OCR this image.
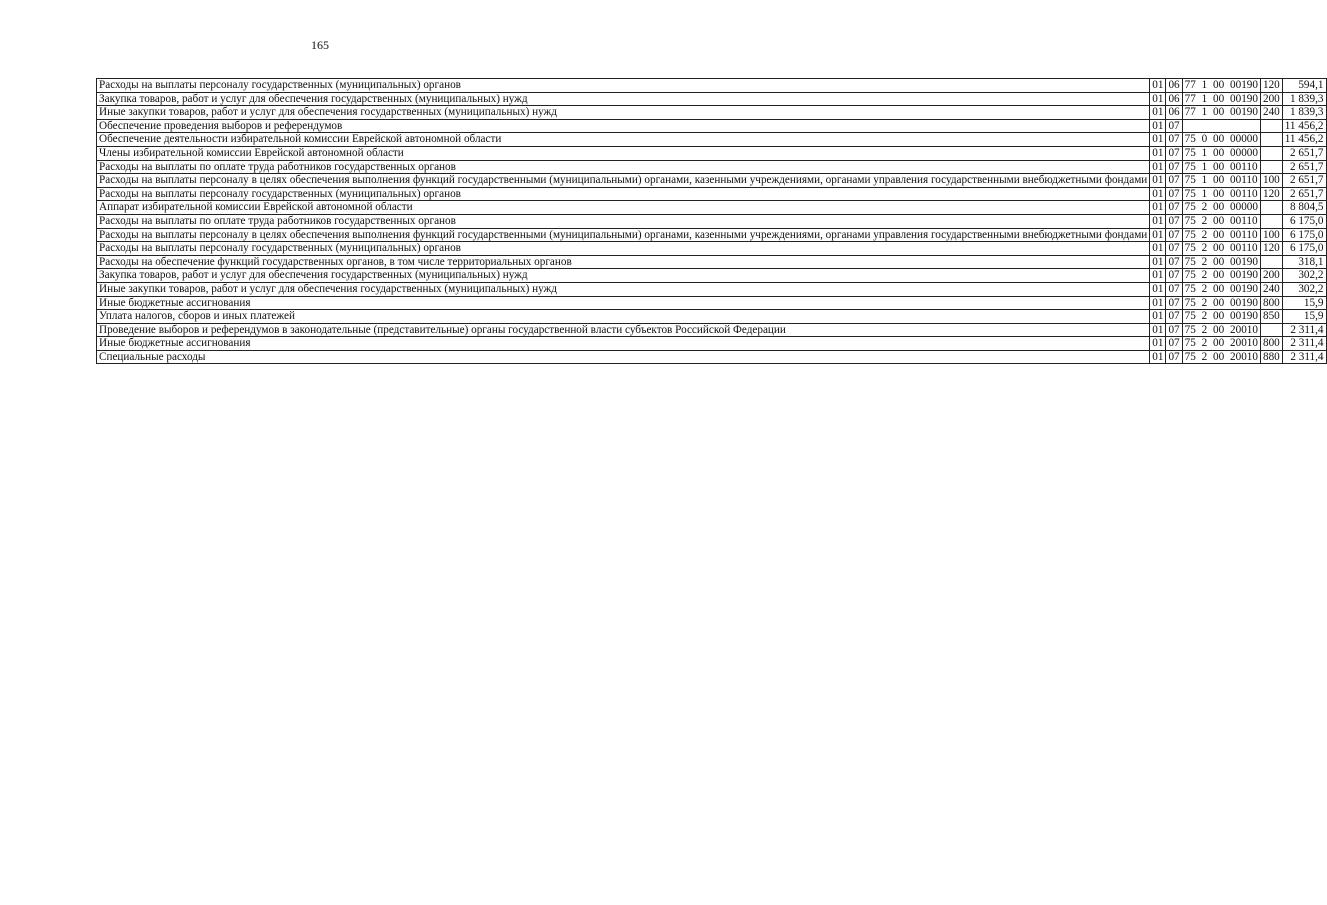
165
Расходы на выплаты персоналу государственных (муниципальных) органов	01	06	77 1 00 00190	120	594,1
Закупка товаров, работ и услуг для обеспечения государственных (муниципальных) нужд	01	06	77 1 00 00190	200	1 839,3
Иные закупки товаров, работ и услуг для обеспечения государственных (муниципальных) нужд	01	06	77 1 00 00190	240	1 839,3
Обеспечение проведения выборов и референдумов	01	07			11 456,2
Обеспечение деятельности избирательной комиссии Еврейской автономной области	01	07	75 0 00 00000		11 456,2
Члены избирательной комиссии Еврейской автономной области	01	07	75 1 00 00000		2 651,7
Расходы на выплаты по оплате труда работников государственных органов	01	07	75 1 00 00110		2 651,7
Расходы на выплаты персоналу в целях обеспечения выполнения функций государственными (муниципальными) органами, казенными учреждениями, органами управления государственными внебюджетными фондами	01	07	75 1 00 00110	100	2 651,7
Расходы на выплаты персоналу государственных (муниципальных) органов	01	07	75 1 00 00110	120	2 651,7
Аппарат избирательной комиссии Еврейской автономной области	01	07	75 2 00 00000		8 804,5
Расходы на выплаты по оплате труда работников государственных органов	01	07	75 2 00 00110		6 175,0
Расходы на выплаты персоналу в целях обеспечения выполнения функций государственными (муниципальными) органами, казенными учреждениями, органами управления государственными внебюджетными фондами	01	07	75 2 00 00110	100	6 175,0
Расходы на выплаты персоналу государственных (муниципальных) органов	01	07	75 2 00 00110	120	6 175,0
Расходы на обеспечение функций государственных органов, в том числе территориальных органов	01	07	75 2 00 00190		318,1
Закупка товаров, работ и услуг для обеспечения государственных (муниципальных) нужд	01	07	75 2 00 00190	200	302,2
Иные закупки товаров, работ и услуг для обеспечения государственных (муниципальных) нужд	01	07	75 2 00 00190	240	302,2
Иные бюджетные ассигнования	01	07	75 2 00 00190	800	15,9
Уплата налогов, сборов и иных платежей	01	07	75 2 00 00190	850	15,9
Проведение выборов и референдумов в законодательные (представительные) органы государственной власти субъектов Российской Федерации	01	07	75 2 00 20010		2 311,4
Иные бюджетные ассигнования	01	07	75 2 00 20010	800	2 311,4
Специальные расходы	01	07	75 2 00 20010	880	2 311,4
